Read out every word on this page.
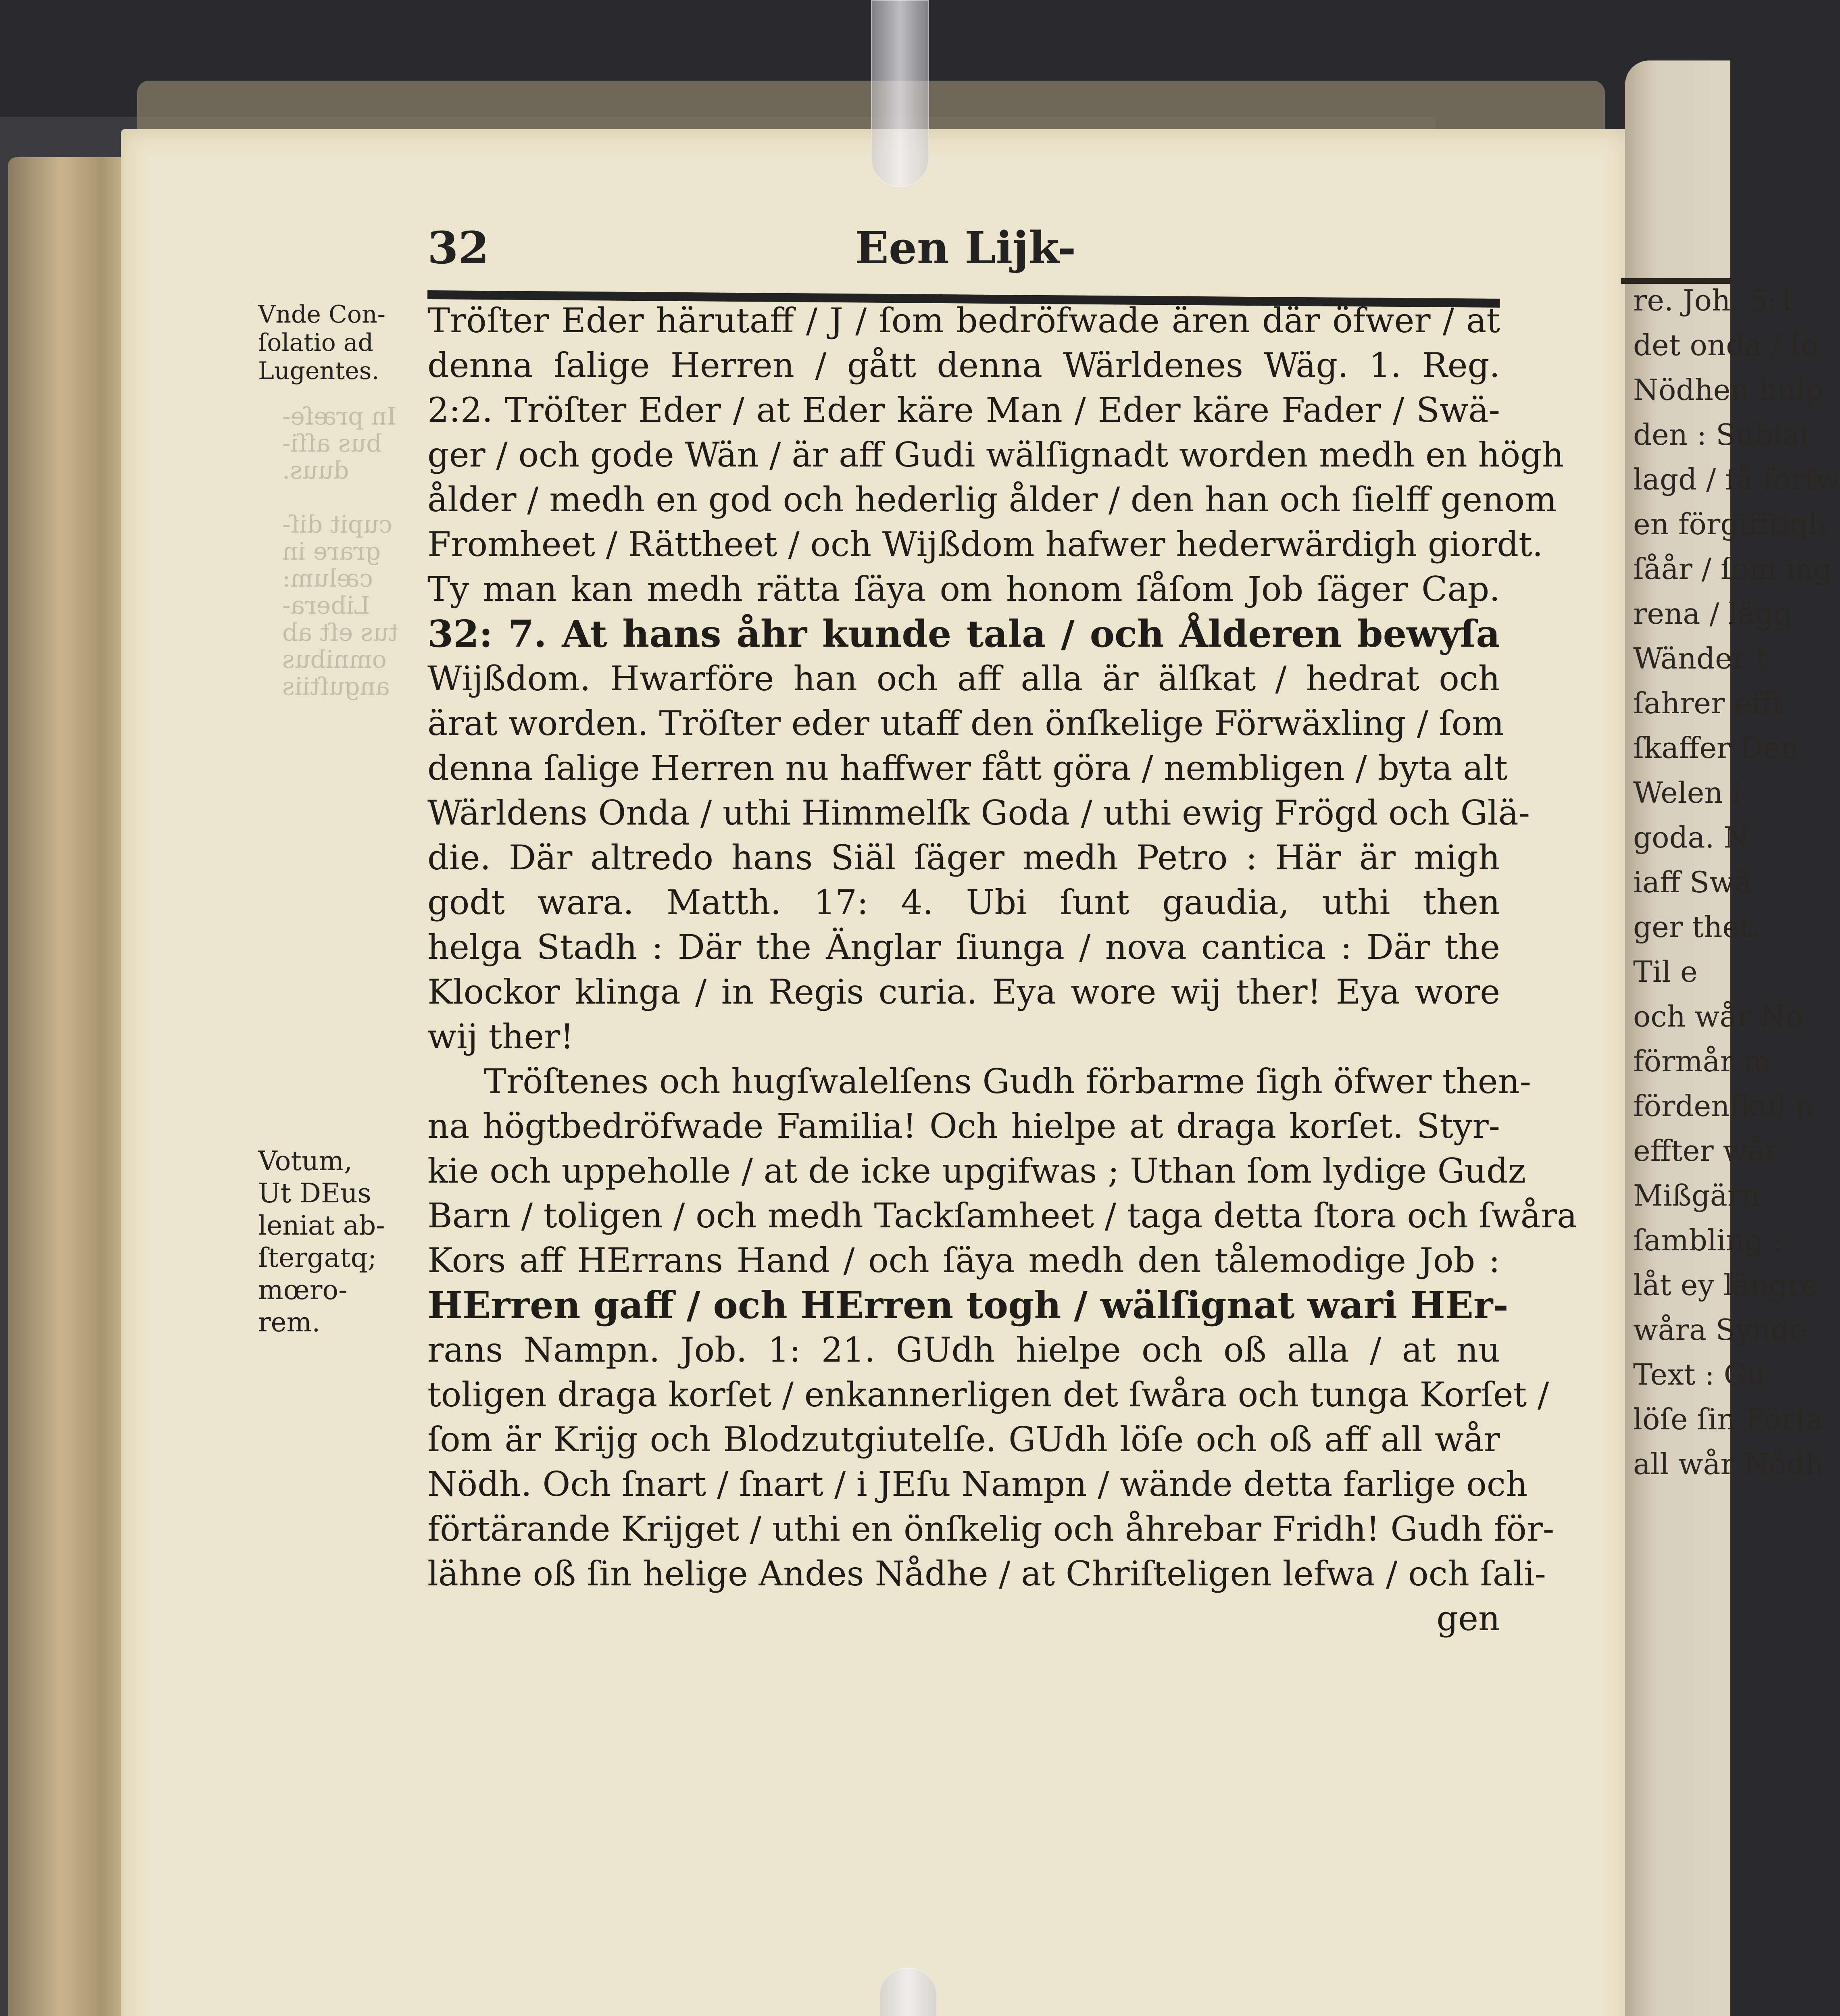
32	Een Lijk-
In præſe-
bus aſſi-
duus.
cupit diſ-
grare in
cælum:
Libera-
tus eſt ab
omnibus
anguſtiis
Vnde Con-
ſolatio ad
Lugentes.
Votum,
Ut DEus
leniat ab-
ſtergatq;
mœro-
rem.
Tröſter Eder härutaff / J / ſom bedröfwade ären där öfwer / at
denna ſalige Herren / gått denna Wärldenes Wäg. 1. Reg.
2:2. Tröſter Eder / at Eder käre Man / Eder käre Fader / Swä-
ger / och gode Wän / är aff Gudi wälſignadt worden medh en högh
ålder / medh en god och hederlig ålder / den han och ſielff genom
Fromheet / Rättheet / och Wijßdom hafwer hederwärdigh giordt.
Ty man kan medh rätta ſäya om honom ſåſom Job ſäger Cap.
32: 7. At hans åhr kunde tala / och Ålderen bewyſa
Wijßdom. Hwarföre han och aff alla är älſkat / hedrat och
ärat worden. Tröſter eder utaff den önſkelige Förwäxling / ſom
denna ſalige Herren nu haffwer fått göra / nembligen / byta alt
Wärldens Onda / uthi Himmelſk Goda / uthi ewig Frögd och Glä-
die. Där altredo hans Siäl ſäger medh Petro : Här är migh
godt wara. Matth. 17: 4. Ubi ſunt gaudia, uthi then
helga Stadh : Där the Änglar ſiunga / nova cantica : Där the
Klockor klinga / in Regis curia. Eya wore wij ther! Eya wore
wij ther!
Tröſtenes och hugſwalelſens Gudh förbarme ſigh öfwer then-
na högtbedröfwade Familia! Och hielpe at draga korſet. Styr-
kie och uppeholle / at de icke upgifwas ; Uthan ſom lydige Gudz
Barn / toligen / och medh Tackſamheet / taga detta ſtora och ſwåra
Kors aff HErrans Hand / och ſäya medh den tålemodige Job :
HErren gaff / och HErren togh / wälſignat wari HEr-
rans Nampn. Job. 1: 21. GUdh hielpe och oß alla / at nu
toligen draga korſet / enkannerligen det ſwåra och tunga Korſet /
ſom är Krijg och Blodzutgiutelſe. GUdh löſe och oß aff all wår
Nödh. Och ſnart / ſnart / i JEſu Nampn / wände detta farlige och
förtärande Krijget / uthi en önſkelig och åhrebar Fridh! Gudh för-
lähne oß ſin helige Andes Nådhe / at Chriſteligen lefwa / och ſali-
gen
re. Joh. 5:1
det onda / ſo
Nödhen hulp
den : Sublat
lagd / ſå förſw
en förgifftigh
ſåår / ſom ing
rena / lägg
Wänder t
ſahrer efft
ſkaffer Den
Welen i
goda. N
iaff Swä
ger thet.
Til e
och wår Nö
förmår m
fördenſkul n
effter wår
Mißgärn
ſambling :
låt ey längre
wåra Synde
Text : Gu
löſe ſin Förſa
all wår Nödh
